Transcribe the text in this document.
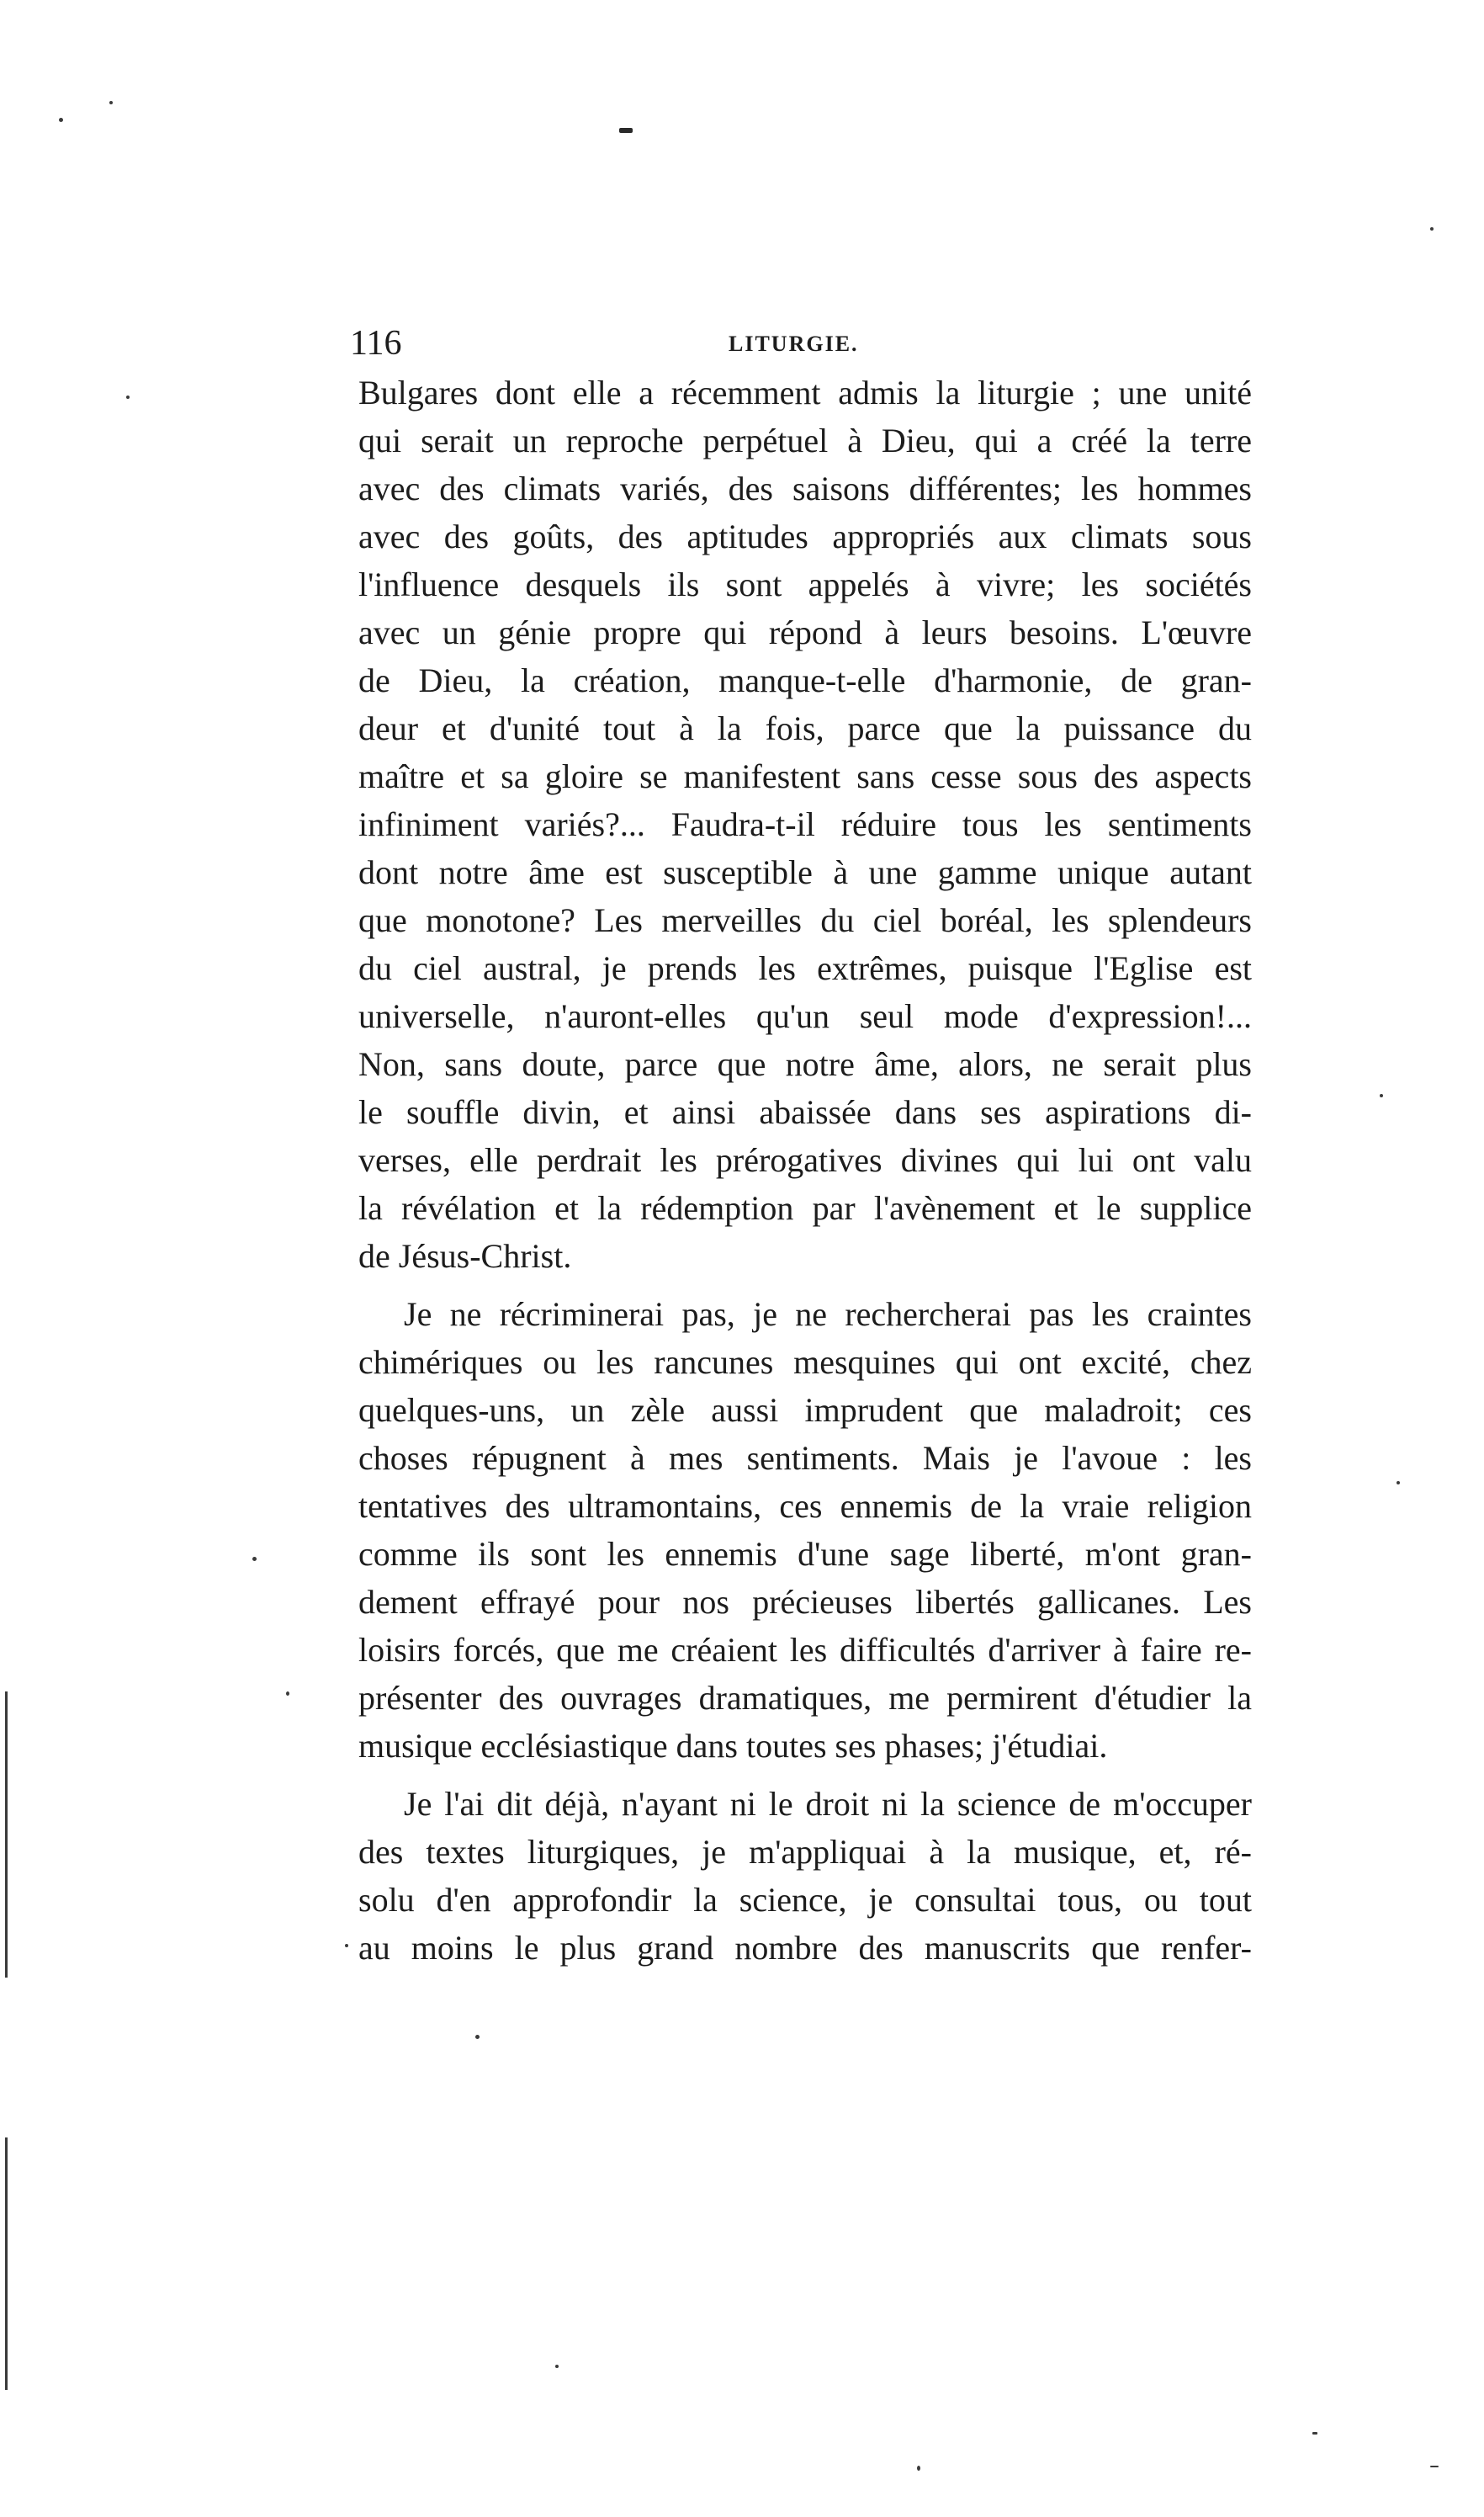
116	LITURGIE.
Bulgares dont elle a récemment admis la liturgie ; une unité
qui serait un reproche perpétuel à Dieu, qui a créé la terre
avec des climats variés, des saisons différentes; les hommes
avec des goûts, des aptitudes appropriés aux climats sous
l'influence desquels ils sont appelés à vivre; les sociétés
avec un génie propre qui répond à leurs besoins. L'œuvre
de Dieu, la création, manque-t-elle d'harmonie, de gran-
deur et d'unité tout à la fois, parce que la puissance du
maître et sa gloire se manifestent sans cesse sous des aspects
infiniment variés?... Faudra-t-il réduire tous les sentiments
dont notre âme est susceptible à une gamme unique autant
que monotone? Les merveilles du ciel boréal, les splendeurs
du ciel austral, je prends les extrêmes, puisque l'Eglise est
universelle, n'auront-elles qu'un seul mode d'expression!...
Non, sans doute, parce que notre âme, alors, ne serait plus
le souffle divin, et ainsi abaissée dans ses aspirations di-
verses, elle perdrait les prérogatives divines qui lui ont valu
la révélation et la rédemption par l'avènement et le supplice
de Jésus-Christ.
Je ne récriminerai pas, je ne rechercherai pas les craintes
chimériques ou les rancunes mesquines qui ont excité, chez
quelques-uns, un zèle aussi imprudent que maladroit; ces
choses répugnent à mes sentiments. Mais je l'avoue : les
tentatives des ultramontains, ces ennemis de la vraie religion
comme ils sont les ennemis d'une sage liberté, m'ont gran-
dement effrayé pour nos précieuses libertés gallicanes. Les
loisirs forcés, que me créaient les difficultés d'arriver à faire re-
présenter des ouvrages dramatiques, me permirent d'étudier la
musique ecclésiastique dans toutes ses phases; j'étudiai.
Je l'ai dit déjà, n'ayant ni le droit ni la science de m'occuper
des textes liturgiques, je m'appliquai à la musique, et, ré-
solu d'en approfondir la science, je consultai tous, ou tout
au moins le plus grand nombre des manuscrits que renfer-
